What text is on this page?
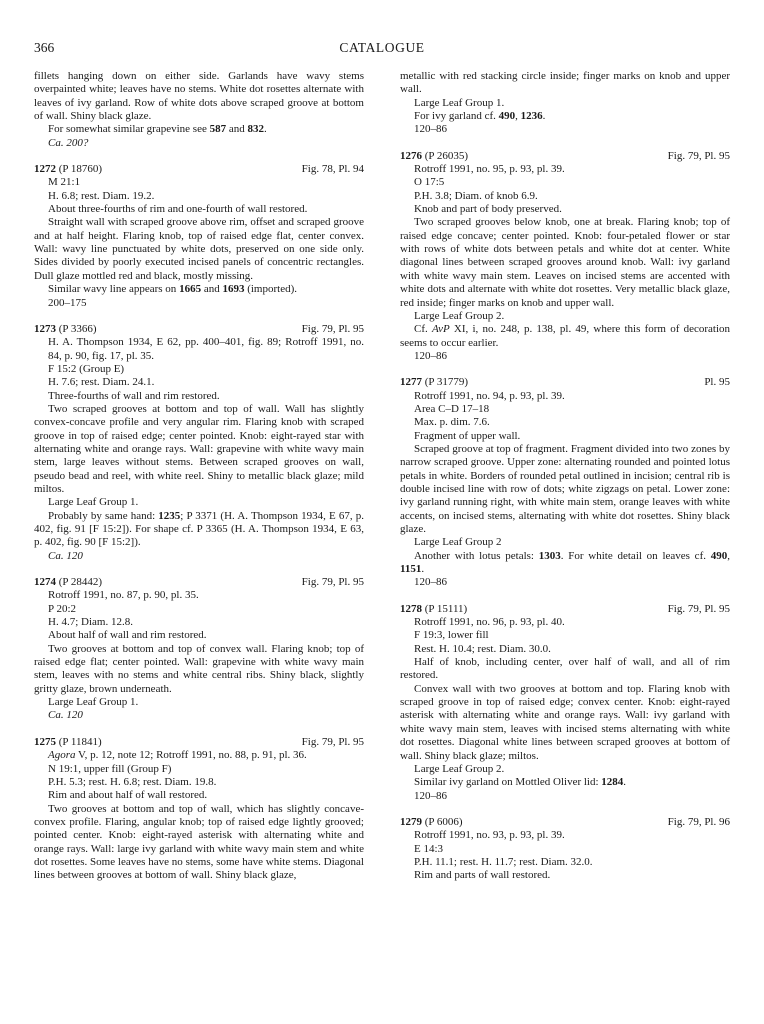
366	CATALOGUE
fillets hanging down on either side. Garlands have wavy stems overpainted white; leaves have no stems. White dot rosettes alternate with leaves of ivy garland. Row of white dots above scraped groove at bottom of wall. Shiny black glaze.
For somewhat similar grapevine see 587 and 832.
Ca. 200?
1272 (P 18760)	Fig. 78, Pl. 94
M 21:1
H. 6.8; rest. Diam. 19.2.
About three-fourths of rim and one-fourth of wall restored.
Straight wall with scraped groove above rim, offset and scraped groove and at half height. Flaring knob, top of raised edge flat, center convex. Wall: wavy line punctuated by white dots, preserved on one side only. Sides divided by poorly executed incised panels of concentric rectangles. Dull glaze mottled red and black, mostly missing.
Similar wavy line appears on 1665 and 1693 (imported).
200–175
1273 (P 3366)	Fig. 79, Pl. 95
H. A. Thompson 1934, E 62, pp. 400–401, fig. 89; Rotroff 1991, no. 84, p. 90, fig. 17, pl. 35.
F 15:2 (Group E)
H. 7.6; rest. Diam. 24.1.
Three-fourths of wall and rim restored.
Two scraped grooves at bottom and top of wall. Wall has slightly convex-concave profile and very angular rim. Flaring knob with scraped groove in top of raised edge; center pointed. Knob: eight-rayed star with alternating white and orange rays. Wall: grapevine with white wavy main stem, large leaves without stems. Between scraped grooves on wall, pseudo bead and reel, with white reel. Shiny to metallic black glaze; mild miltos.
Large Leaf Group 1.
Probably by same hand: 1235; P 3371 (H. A. Thompson 1934, E 67, p. 402, fig. 91 [F 15:2]). For shape cf. P 3365 (H. A. Thompson 1934, E 63, p. 402, fig. 90 [F 15:2]).
Ca. 120
1274 (P 28442)	Fig. 79, Pl. 95
Rotroff 1991, no. 87, p. 90, pl. 35.
P 20:2
H. 4.7; Diam. 12.8.
About half of wall and rim restored.
Two grooves at bottom and top of convex wall. Flaring knob; top of raised edge flat; center pointed. Wall: grapevine with white wavy main stem, leaves with no stems and white central ribs. Shiny black, slightly gritty glaze, brown underneath.
Large Leaf Group 1.
Ca. 120
1275 (P 11841)	Fig. 79, Pl. 95
Agora V, p. 12, note 12; Rotroff 1991, no. 88, p. 91, pl. 36.
N 19:1, upper fill (Group F)
P.H. 5.3; rest. H. 6.8; rest. Diam. 19.8.
Rim and about half of wall restored.
Two grooves at bottom and top of wall, which has slightly concave-convex profile. Flaring, angular knob; top of raised edge lightly grooved; pointed center. Knob: eight-rayed asterisk with alternating white and orange rays. Wall: large ivy garland with white wavy main stem and white dot rosettes. Some leaves have no stems, some have white stems. Diagonal lines between grooves at bottom of wall. Shiny black glaze,
metallic with red stacking circle inside; finger marks on knob and upper wall.
Large Leaf Group 1.
For ivy garland cf. 490, 1236.
120–86
1276 (P 26035)	Fig. 79, Pl. 95
Rotroff 1991, no. 95, p. 93, pl. 39.
O 17:5
P.H. 3.8; Diam. of knob 6.9.
Knob and part of body preserved.
Two scraped grooves below knob, one at break. Flaring knob; top of raised edge concave; center pointed. Knob: four-petaled flower or star with rows of white dots between petals and white dot at center. White diagonal lines between scraped grooves around knob. Wall: ivy garland with white wavy main stem. Leaves on incised stems are accented with white dots and alternate with white dot rosettes. Very metallic black glaze, red inside; finger marks on knob and upper wall.
Large Leaf Group 2.
Cf. AvP XI, i, no. 248, p. 138, pl. 49, where this form of decoration seems to occur earlier.
120–86
1277 (P 31779)	Pl. 95
Rotroff 1991, no. 94, p. 93, pl. 39.
Area C–D 17–18
Max. p. dim. 7.6.
Fragment of upper wall.
Scraped groove at top of fragment. Fragment divided into two zones by narrow scraped groove. Upper zone: alternating rounded and pointed lotus petals in white. Borders of rounded petal outlined in incision; central rib is double incised line with row of dots; white zigzags on petal. Lower zone: ivy garland running right, with white main stem, orange leaves with white accents, on incised stems, alternating with white dot rosettes. Shiny black glaze.
Large Leaf Group 2
Another with lotus petals: 1303. For white detail on leaves cf. 490, 1151.
120–86
1278 (P 15111)	Fig. 79, Pl. 95
Rotroff 1991, no. 96, p. 93, pl. 40.
F 19:3, lower fill
Rest. H. 10.4; rest. Diam. 30.0.
Half of knob, including center, over half of wall, and all of rim restored.
Convex wall with two grooves at bottom and top. Flaring knob with scraped groove in top of raised edge; convex center. Knob: eight-rayed asterisk with alternating white and orange rays. Wall: ivy garland with white wavy main stem, leaves with incised stems alternating with white dot rosettes. Diagonal white lines between scraped grooves at bottom of wall. Shiny black glaze; miltos.
Large Leaf Group 2.
Similar ivy garland on Mottled Oliver lid: 1284.
120–86
1279 (P 6006)	Fig. 79, Pl. 96
Rotroff 1991, no. 93, p. 93, pl. 39.
E 14:3
P.H. 11.1; rest. H. 11.7; rest. Diam. 32.0.
Rim and parts of wall restored.
